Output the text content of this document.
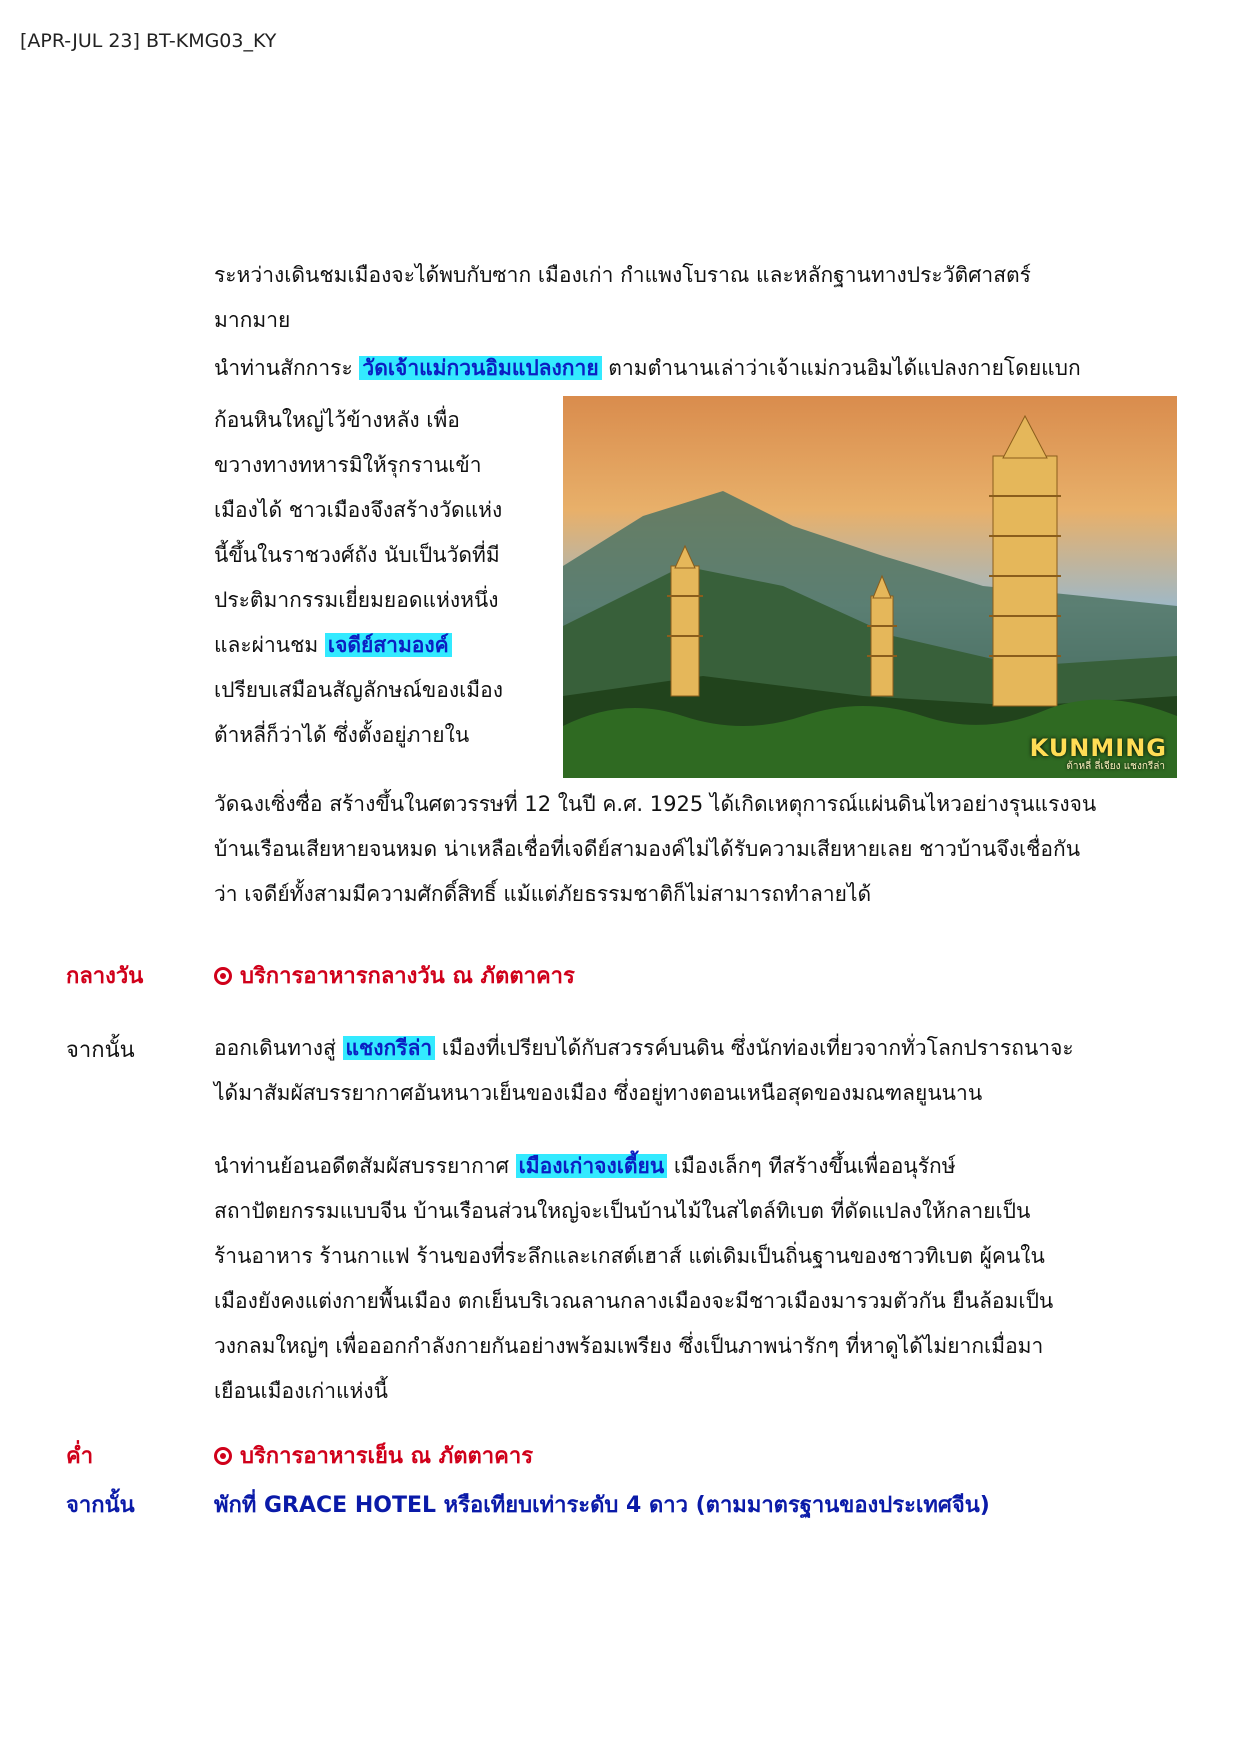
[APR-JUL 23] BT-KMG03_KY
ระหว่างเดินชมเมืองจะได้พบกับซาก เมืองเก่า กำแพงโบราณ และหลักฐานทางประวัติศาสตร์
มากมาย
นำท่านสักการะ วัดเจ้าแม่กวนอิมแปลงกาย ตามตำนานเล่าว่าเจ้าแม่กวนอิมได้แปลงกายโดยแบก
ก้อนหินใหญ่ไว้ข้างหลัง เพื่อ
ขวางทางทหารมิให้รุกรานเข้า
เมืองได้ ชาวเมืองจึงสร้างวัดแห่ง
นี้ขึ้นในราชวงศ์ถัง นับเป็นวัดที่มี
ประติมากรรมเยี่ยมยอดแห่งหนึ่ง
และผ่านชม เจดีย์สามองค์
เปรียบเสมือนสัญลักษณ์ของเมือง
ต้าหลี่ก็ว่าได้ ซึ่งตั้งอยู่ภายใน	KUNMING
ต้าหลี่ ลี่เจียง แชงกรีล่า
วัดฉงเซิ่งซื่อ สร้างขึ้นในศตวรรษที่ 12 ในปี ค.ศ. 1925 ได้เกิดเหตุการณ์แผ่นดินไหวอย่างรุนแรงจน
บ้านเรือนเสียหายจนหมด น่าเหลือเชื่อที่เจดีย์สามองค์ไม่ได้รับความเสียหายเลย ชาวบ้านจึงเชื่อกัน
ว่า เจดีย์ทั้งสามมีความศักดิ์สิทธิ์ แม้แต่ภัยธรรมชาติก็ไม่สามารถทำลายได้
กลางวัน	บริการอาหารกลางวัน ณ ภัตตาคาร
จากนั้น	ออกเดินทางสู่ แชงกรีล่า เมืองที่เปรียบได้กับสวรรค์บนดิน ซึ่งนักท่องเที่ยวจากทั่วโลกปรารถนาจะ
ได้มาสัมผัสบรรยากาศอันหนาวเย็นของเมือง ซึ่งอยู่ทางตอนเหนือสุดของมณฑลยูนนาน
นำท่านย้อนอดีตสัมผัสบรรยากาศ เมืองเก่าจงเตี้ยน เมืองเล็กๆ ทีสร้างขึ้นเพื่ออนุรักษ์
สถาปัตยกรรมแบบจีน บ้านเรือนส่วนใหญ่จะเป็นบ้านไม้ในสไตล์ทิเบต ที่ดัดแปลงให้กลายเป็น
ร้านอาหาร ร้านกาแฟ ร้านของที่ระลึกและเกสต์เฮาส์ แต่เดิมเป็นถิ่นฐานของชาวทิเบต ผู้คนใน
เมืองยังคงแต่งกายพื้นเมือง ตกเย็นบริเวณลานกลางเมืองจะมีชาวเมืองมารวมตัวกัน ยืนล้อมเป็น
วงกลมใหญ่ๆ เพื่อออกกำลังกายกันอย่างพร้อมเพรียง ซึ่งเป็นภาพน่ารักๆ ที่หาดูได้ไม่ยากเมื่อมา
เยือนเมืองเก่าแห่งนี้
ค่ำ	บริการอาหารเย็น ณ ภัตตาคาร
จากนั้น	พักที่ GRACE HOTEL หรือเทียบเท่าระดับ 4 ดาว (ตามมาตรฐานของประเทศจีน)
